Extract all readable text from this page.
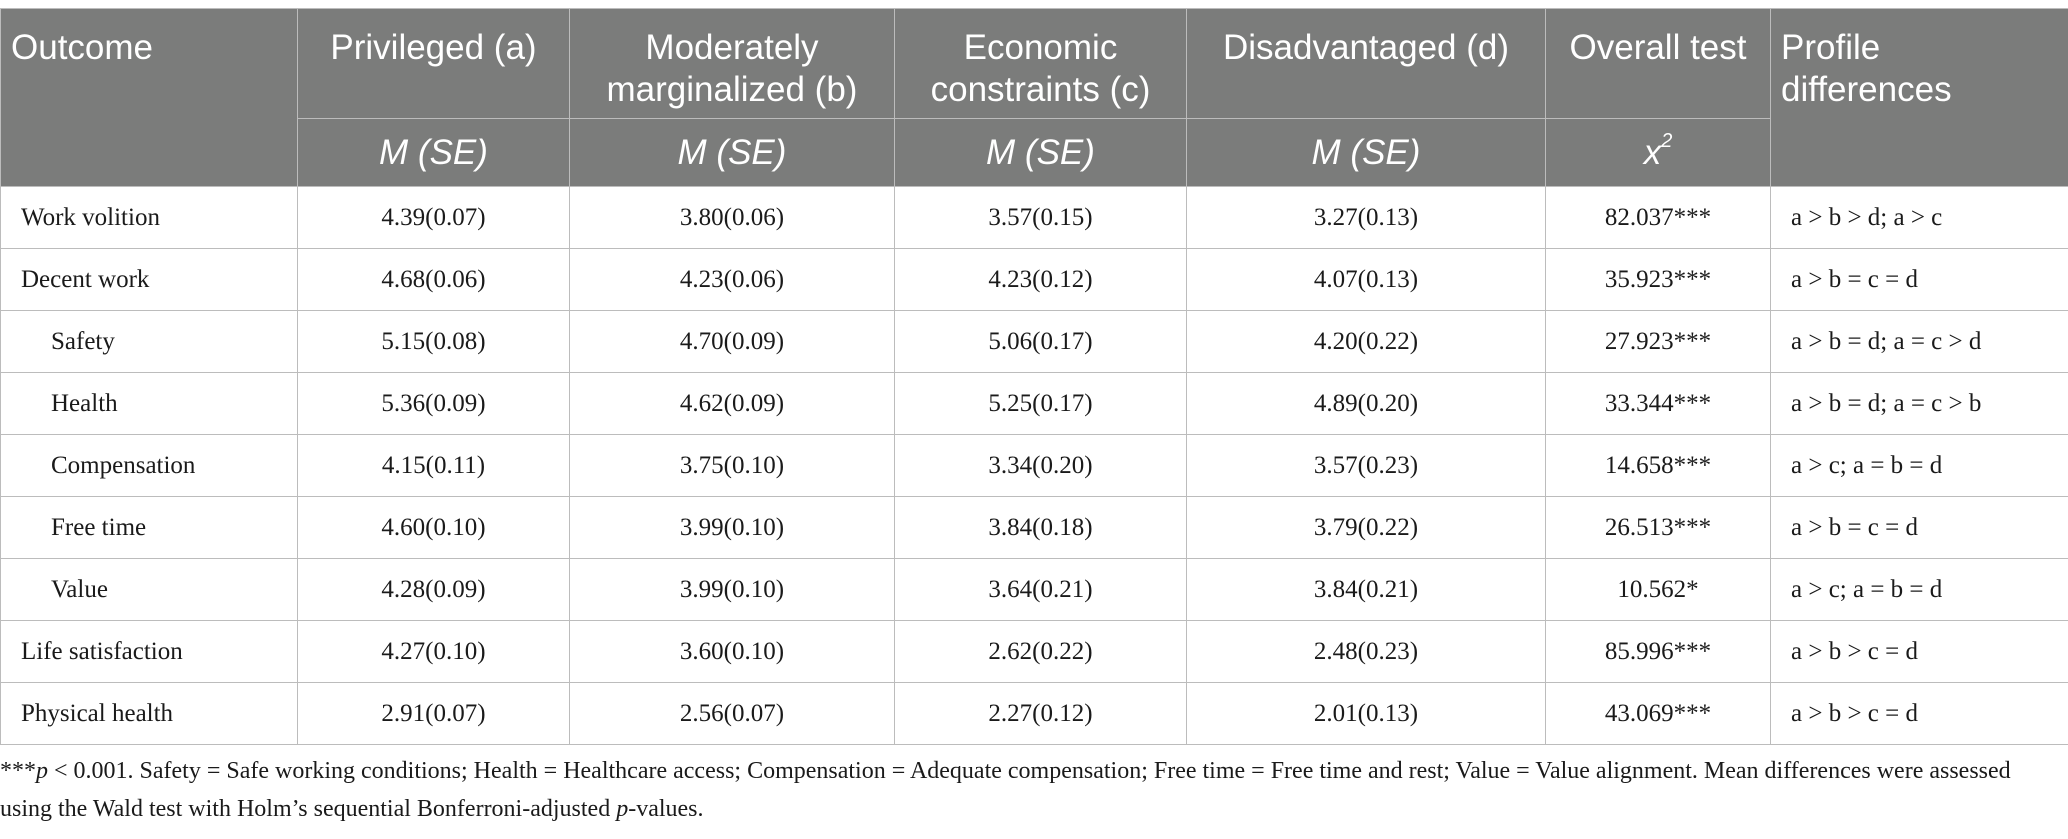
Outcome	Privileged (a)	Moderately marginalized (b)	Economic constraints (c)	Disadvantaged (d)	Overall test	Profile differences
	M (SE)	M (SE)	M (SE)	M (SE)	$x^2$
Work volition	4.39(0.07)	3.80(0.06)	3.57(0.15)	3.27(0.13)	82.037***	a > b > d; a > c
Decent work	4.68(0.06)	4.23(0.06)	4.23(0.12)	4.07(0.13)	35.923***	a > b = c = d
Safety	5.15(0.08)	4.70(0.09)	5.06(0.17)	4.20(0.22)	27.923***	a > b = d; a = c > d
Health	5.36(0.09)	4.62(0.09)	5.25(0.17)	4.89(0.20)	33.344***	a > b = d; a = c > b
Compensation	4.15(0.11)	3.75(0.10)	3.34(0.20)	3.57(0.23)	14.658***	a > c; a = b = d
Free time	4.60(0.10)	3.99(0.10)	3.84(0.18)	3.79(0.22)	26.513***	a > b = c = d
Value	4.28(0.09)	3.99(0.10)	3.64(0.21)	3.84(0.21)	10.562*	a > c; a = b = d
Life satisfaction	4.27(0.10)	3.60(0.10)	2.62(0.22)	2.48(0.23)	85.996***	a > b > c = d
Physical health	2.91(0.07)	2.56(0.07)	2.27(0.12)	2.01(0.13)	43.069***	a > b > c = d
***p < 0.001. Safety = Safe working conditions; Health = Healthcare access; Compensation = Adequate compensation; Free time = Free time and rest; Value = Value alignment. Mean differences were assessed using the Wald test with Holm’s sequential Bonferroni-adjusted p-values.
